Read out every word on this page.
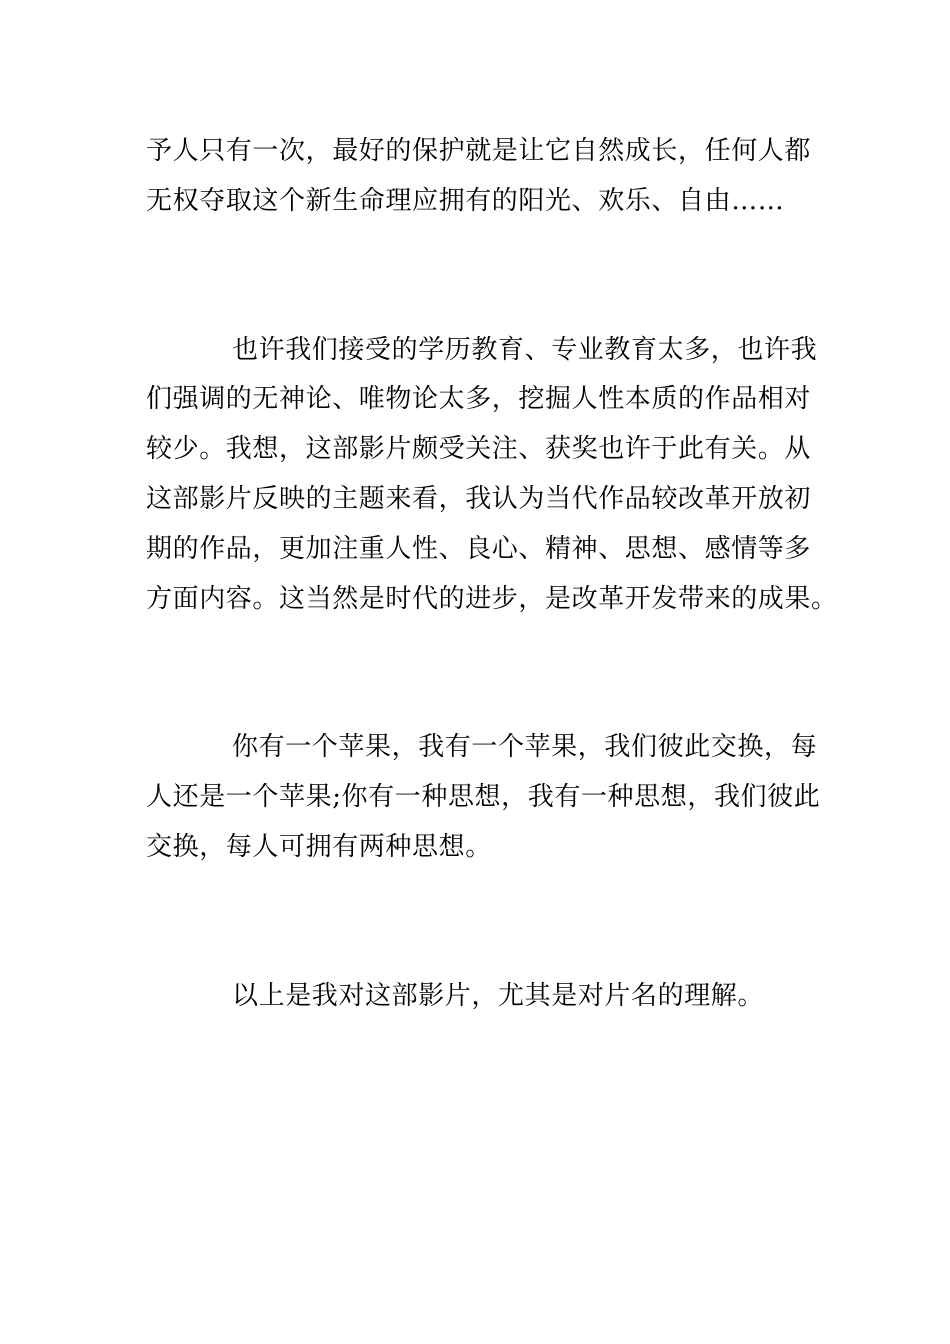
予人只有一次，最好的保护就是让它自然成长，任何人都
无权夺取这个新生命理应拥有的阳光、欢乐、自由……
也许我们接受的学历教育、专业教育太多，也许我
们强调的无神论、唯物论太多，挖掘人性本质的作品相对
较少。我想，这部影片颇受关注、获奖也许于此有关。从
这部影片反映的主题来看，我认为当代作品较改革开放初
期的作品，更加注重人性、良心、精神、思想、感情等多
方面内容。这当然是时代的进步，是改革开发带来的成果。
你有一个苹果，我有一个苹果，我们彼此交换，每
人还是一个苹果;你有一种思想，我有一种思想，我们彼此
交换，每人可拥有两种思想。
以上是我对这部影片，尤其是对片名的理解。
